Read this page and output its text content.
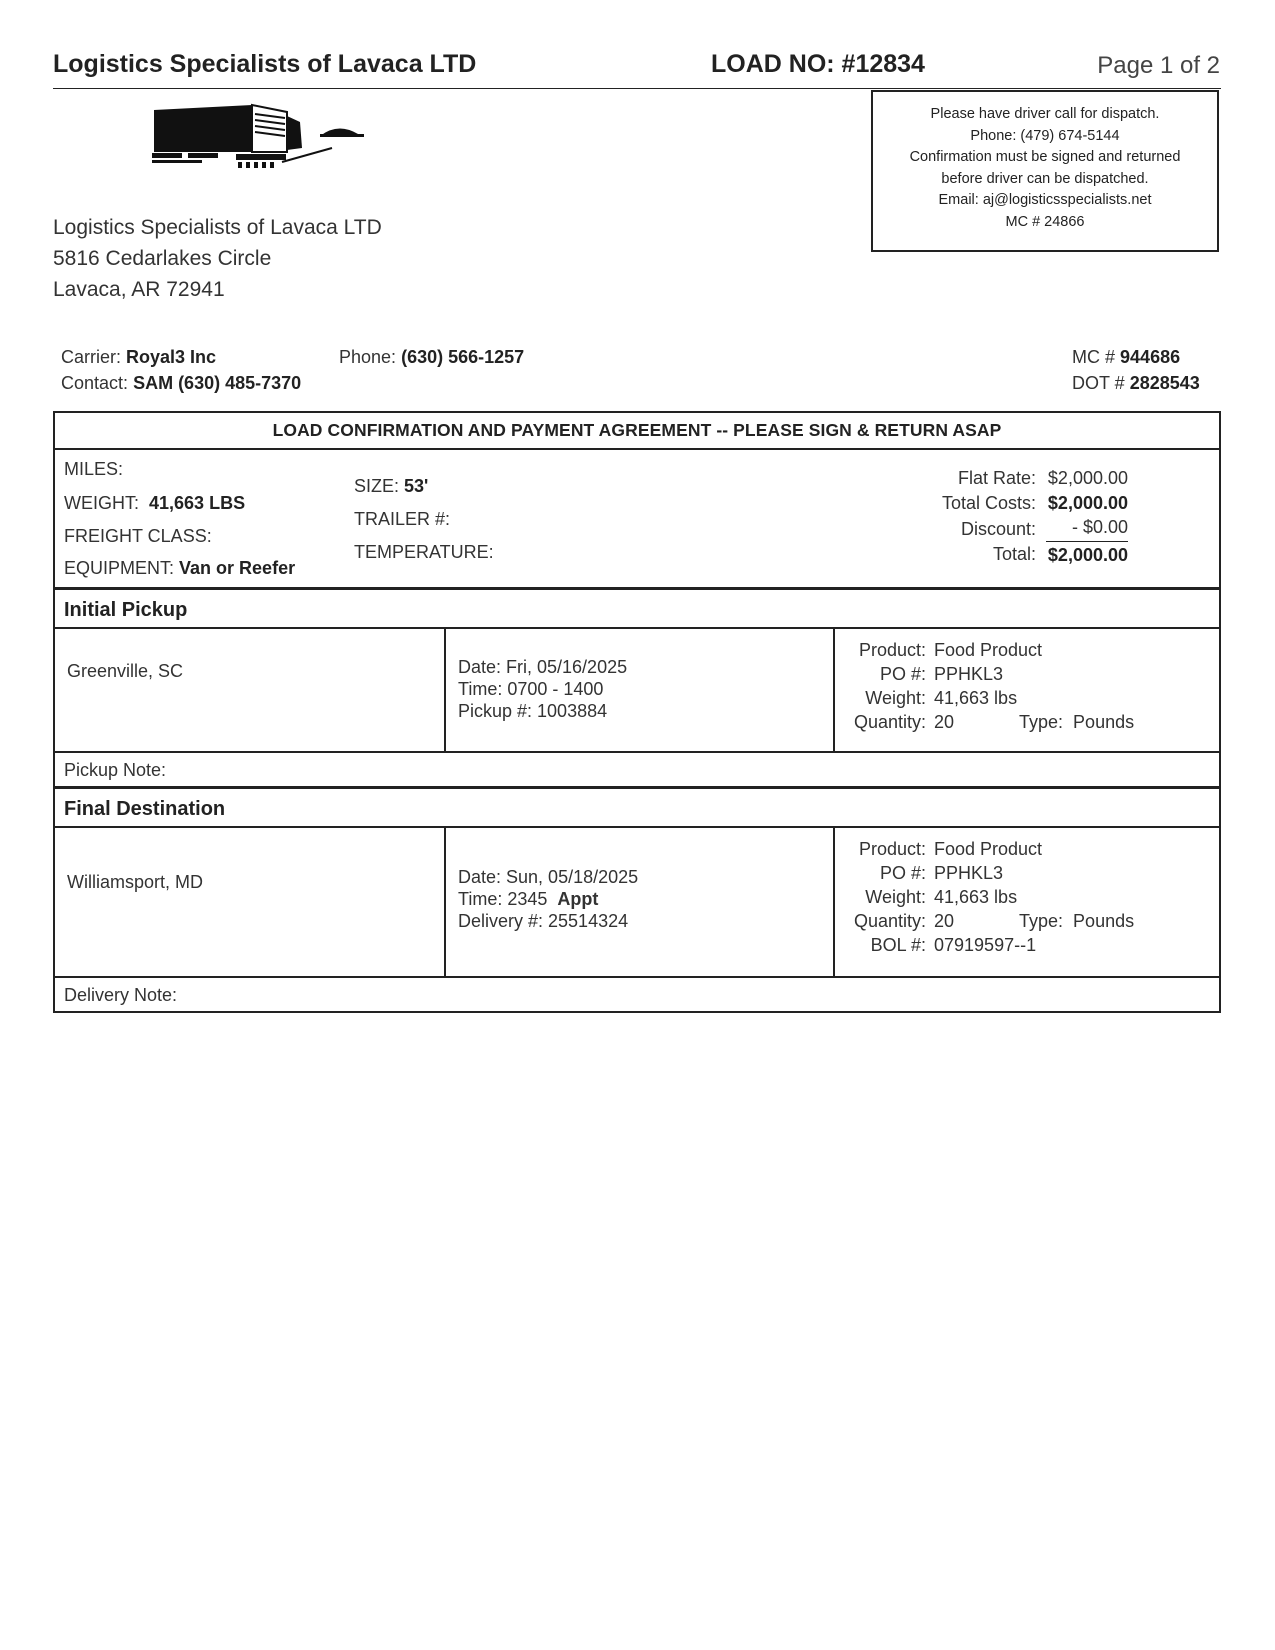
Logistics Specialists of Lavaca LTD	LOAD NO: #12834	Page 1 of 2
Please have driver call for dispatch.
Phone: (479) 674-5144
Confirmation must be signed and returned
before driver can be dispatched.
Email: aj@logisticsspecialists.net
MC # 24866
Logistics Specialists of Lavaca LTD
5816 Cedarlakes Circle
Lavaca, AR 72941
Carrier: Royal3 Inc	Phone: (630) 566-1257
Contact: SAM (630) 485-7370
MC # 944686
DOT # 2828543
LOAD CONFIRMATION AND PAYMENT AGREEMENT -- PLEASE SIGN & RETURN ASAP
MILES:
WEIGHT: 41,663 LBS
FREIGHT CLASS:
EQUIPMENT: Van or Reefer
SIZE: 53'
TRAILER #:
TEMPERATURE:
Flat Rate: $2,000.00
Total Costs: $2,000.00
Discount: - $0.00
Total: $2,000.00
Initial Pickup
Greenville, SC	Date: Fri, 05/16/2025
Time: 0700 - 1400
Pickup #: 1003884
Product: Food Product
PO #: PPHKL3
Weight: 41,663 lbs
Quantity: 20	Type: Pounds
Pickup Note:
Final Destination
Williamsport, MD	Date: Sun, 05/18/2025
Time: 2345 Appt
Delivery #: 25514324
Product: Food Product
PO #: PPHKL3
Weight: 41,663 lbs
Quantity: 20	Type: Pounds
BOL #: 07919597--1
Delivery Note:
